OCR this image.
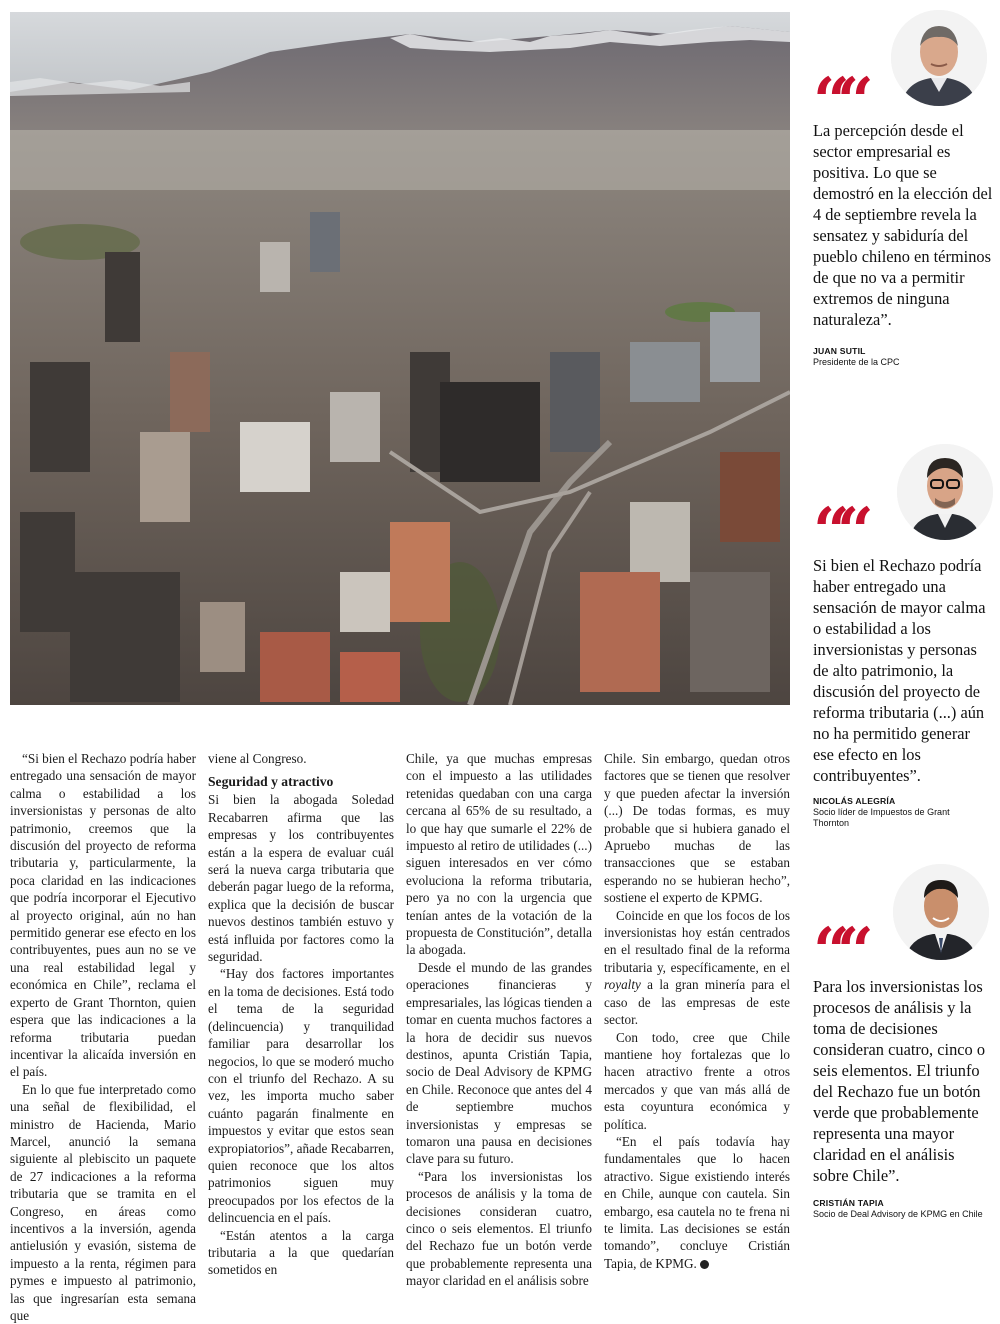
“Si bien el Rechazo podría haber entregado una sensación de mayor calma o estabilidad a los inversionistas y personas de alto patrimonio, creemos que la discusión del proyecto de reforma tributaria y, particularmente, la poca claridad en las indicaciones que podría incorporar el Ejecutivo al proyecto original, aún no han permitido generar ese efecto en los contribuyentes, pues aun no se ve una real estabilidad legal y económica en Chile”, reclama el experto de Grant Thornton, quien espera que las indicaciones a la reforma tributaria puedan incentivar la alicaída inversión en el país.

En lo que fue interpretado como una señal de flexibilidad, el ministro de Hacienda, Mario Marcel, anunció la semana siguiente al plebiscito un paquete de 27 indicaciones a la reforma tributaria que se tramita en el Congreso, en áreas como incentivos a la inversión, agenda antielusión y evasión, sistema de impuesto a la renta, régimen para pymes e impuesto al patrimonio, las que ingresarían esta semana que

viene al Congreso.

Seguridad y atractivo

Si bien la abogada Soledad Recabarren afirma que las empresas y los contribuyentes están a la espera de evaluar cuál será la nueva carga tributaria que deberán pagar luego de la reforma, explica que la decisión de buscar nuevos destinos también estuvo y está influida por factores como la seguridad.

“Hay dos factores importantes en la toma de decisiones. Está todo el tema de la seguridad (delincuencia) y tranquilidad familiar para desarrollar los negocios, lo que se moderó mucho con el triunfo del Rechazo. A su vez, les importa mucho saber cuánto pagarán finalmente en impuestos y evitar que estos sean expropiatorios”, añade Recabarren, quien reconoce que los altos patrimonios siguen muy preocupados por los efectos de la delincuencia en el país.

“Están atentos a la carga tributaria a la que quedarían sometidos en

Chile, ya que muchas empresas con el impuesto a las utilidades retenidas quedaban con una carga cercana al 65% de su resultado, a lo que hay que sumarle el 22% de impuesto al retiro de utilidades (...) siguen interesados en ver cómo evoluciona la reforma tributaria, pero ya no con la urgencia que tenían antes de la votación de la propuesta de Constitución”, detalla la abogada.

Desde el mundo de las grandes operaciones financieras y empresariales, las lógicas tienden a tomar en cuenta muchos factores a la hora de decidir sus nuevos destinos, apunta Cristián Tapia, socio de Deal Advisory de KPMG en Chile. Reconoce que antes del 4 de septiembre muchos inversionistas y empresas se tomaron una pausa en decisiones clave para su futuro.

“Para los inversionistas los procesos de análisis y la toma de decisiones consideran cuatro, cinco o seis elementos. El triunfo del Rechazo fue un botón verde que probablemente representa una mayor claridad en el análisis sobre

Chile. Sin embargo, quedan otros factores que se tienen que resolver y que pueden afectar la inversión (...) De todas formas, es muy probable que si hubiera ganado el Apruebo muchas de las transacciones que se estaban esperando no se hubieran hecho”, sostiene el experto de KPMG.

Coincide en que los focos de los inversionistas hoy están centrados en el resultado final de la reforma tributaria y, específicamente, en el royalty a la gran minería para el caso de las empresas de este sector.

Con todo, cree que Chile mantiene hoy fortalezas que lo hacen atractivo frente a otros mercados y que van más allá de esta coyuntura económica y política.

“En el país todavía hay fundamentales que lo hacen atractivo. Sigue existiendo interés en Chile, aunque con cautela. Sin embargo, esa cautela no te frena ni te limita. Las decisiones se están tomando”, concluye Cristián Tapia, de KPMG. P

“
“
La percepción desde el sector empresarial es positiva. Lo que se demostró en la elección del 4 de septiembre revela la sensatez y sabiduría del pueblo chileno en términos de que no va a permitir extremos de ninguna naturaleza”.
JUAN SUTIL
Presidente de la CPC
“
“
Si bien el Rechazo podría haber entregado una sensación de mayor calma o estabilidad a los inversionistas y personas de alto patrimonio, la discusión del proyecto de reforma tributaria (...) aún no ha permitido generar ese efecto en los contribuyentes”.
NICOLÁS ALEGRÍA
Socio líder de Impuestos de Grant Thornton
“
“
Para los inversionistas los procesos de análisis y la toma de decisiones consideran cuatro, cinco o seis elementos. El triunfo del Rechazo fue un botón verde que probablemente representa una mayor claridad en el análisis sobre Chile”.
CRISTIÁN TAPIA
Socio de Deal Advisory de KPMG en Chile
